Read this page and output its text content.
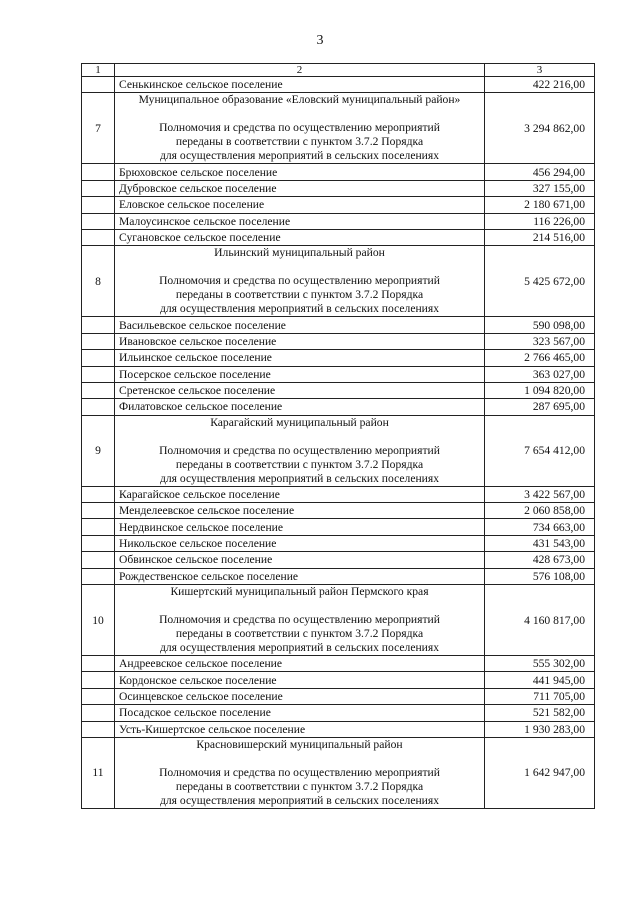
3
1	2	3
	Сенькинское сельское поселение	422 216,00
7	Муниципальное образование «Еловский муниципальный район»
Полномочия и средства по осуществлению мероприятий
переданы в соответствии с пунктом 3.7.2 Порядка
для осуществления мероприятий в сельских поселениях	3 294 862,00
	Брюховское сельское поселение	456 294,00
	Дубровское сельское поселение	327 155,00
	Еловское сельское поселение	2 180 671,00
	Малоусинское сельское поселение	116 226,00
	Сугановское сельское поселение	214 516,00
8	Ильинский муниципальный район
Полномочия и средства по осуществлению мероприятий
переданы в соответствии с пунктом 3.7.2 Порядка
для осуществления мероприятий в сельских поселениях	5 425 672,00
	Васильевское сельское поселение	590 098,00
	Ивановское сельское поселение	323 567,00
	Ильинское сельское поселение	2 766 465,00
	Посерское сельское поселение	363 027,00
	Сретенское сельское поселение	1 094 820,00
	Филатовское сельское поселение	287 695,00
9	Карагайский муниципальный район
Полномочия и средства по осуществлению мероприятий
переданы в соответствии с пунктом 3.7.2 Порядка
для осуществления мероприятий в сельских поселениях	7 654 412,00
	Карагайское сельское поселение	3 422 567,00
	Менделеевское сельское поселение	2 060 858,00
	Нердвинское сельское поселение	734 663,00
	Никольское сельское поселение	431 543,00
	Обвинское сельское поселение	428 673,00
	Рождественское сельское поселение	576 108,00
10	Кишертский муниципальный район Пермского края
Полномочия и средства по осуществлению мероприятий
переданы в соответствии с пунктом 3.7.2 Порядка
для осуществления мероприятий в сельских поселениях	4 160 817,00
	Андреевское сельское поселение	555 302,00
	Кордонское сельское поселение	441 945,00
	Осинцевское сельское поселение	711 705,00
	Посадское сельское поселение	521 582,00
	Усть-Кишертское сельское поселение	1 930 283,00
11	Красновишерский муниципальный район
Полномочия и средства по осуществлению мероприятий
переданы в соответствии с пунктом 3.7.2 Порядка
для осуществления мероприятий в сельских поселениях	1 642 947,00
